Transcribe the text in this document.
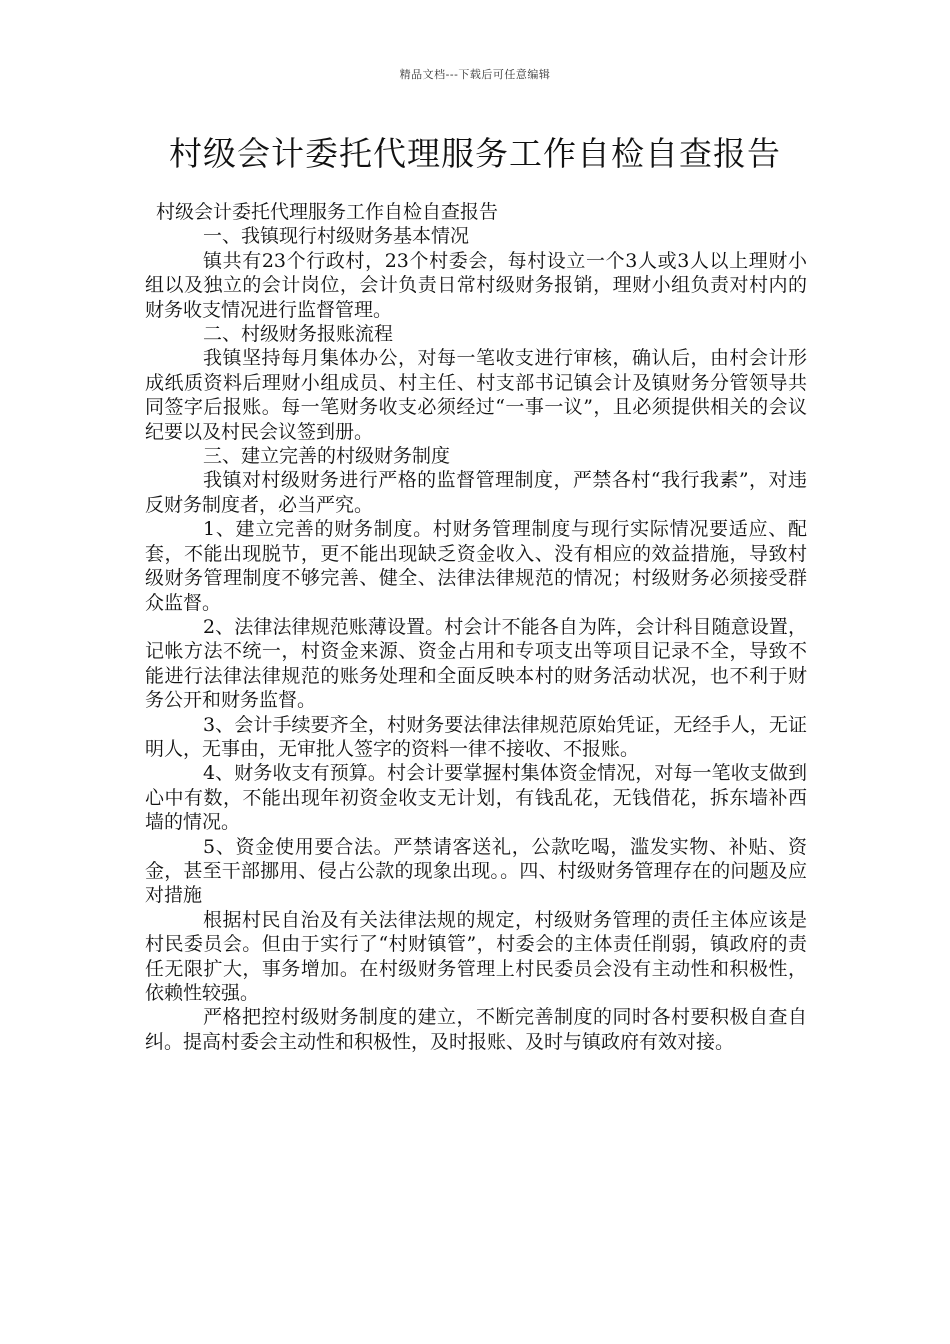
精品文档---下载后可任意编辑
村级会计委托代理服务工作自检自查报告

村级会计委托代理服务工作自检自查报告

一、我镇现行村级财务基本情况

镇共有23个行政村，23个村委会，每村设立一个3人或3人以上理财小组以及独立的会计岗位，会计负责日常村级财务报销，理财小组负责对村内的财务收支情况进行监督管理。

二、村级财务报账流程

我镇坚持每月集体办公，对每一笔收支进行审核，确认后，由村会计形成纸质资料后理财小组成员、村主任、村支部书记镇会计及镇财务分管领导共同签字后报账。每一笔财务收支必须经过“一事一议”，且必须提供相关的会议纪要以及村民会议签到册。

三、建立完善的村级财务制度

我镇对村级财务进行严格的监督管理制度，严禁各村“我行我素”，对违反财务制度者，必当严究。

1、建立完善的财务制度。村财务管理制度与现行实际情况要适应、配套，不能出现脱节，更不能出现缺乏资金收入、没有相应的效益措施，导致村级财务管理制度不够完善、健全、法律法律规范的情况；村级财务必须接受群众监督。

2、法律法律规范账薄设置。村会计不能各自为阵，会计科目随意设置，记帐方法不统一，村资金来源、资金占用和专项支出等项目记录不全，导致不能进行法律法律规范的账务处理和全面反映本村的财务活动状况，也不利于财务公开和财务监督。

3、会计手续要齐全，村财务要法律法律规范原始凭证，无经手人，无证明人，无事由，无审批人签字的资料一律不接收、不报账。

4、财务收支有预算。村会计要掌握村集体资金情况，对每一笔收支做到心中有数，不能出现年初资金收支无计划，有钱乱花，无钱借花，拆东墙补西墙的情况。

5、资金使用要合法。严禁请客送礼，公款吃喝，滥发实物、补贴、资金，甚至干部挪用、侵占公款的现象出现。。四、村级财务管理存在的问题及应对措施

根据村民自治及有关法律法规的规定，村级财务管理的责任主体应该是村民委员会。但由于实行了“村财镇管”，村委会的主体责任削弱，镇政府的责任无限扩大，事务增加。在村级财务管理上村民委员会没有主动性和积极性，依赖性较强。

严格把控村级财务制度的建立，不断完善制度的同时各村要积极自查自纠。提高村委会主动性和积极性，及时报账、及时与镇政府有效对接。
